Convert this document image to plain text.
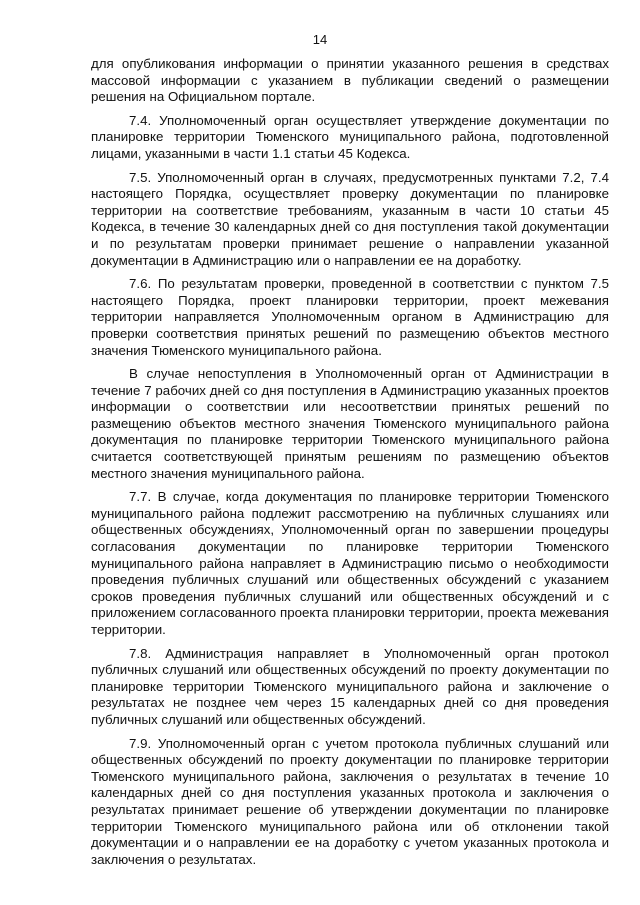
14

для опубликования информации о принятии указанного решения в средствах массовой информации с указанием в публикации сведений о размещении решения на Официальном портале.

7.4. Уполномоченный орган осуществляет утверждение документации по планировке территории Тюменского муниципального района, подготовленной лицами, указанными в части 1.1 статьи 45 Кодекса.

7.5. Уполномоченный орган в случаях, предусмотренных пунктами 7.2, 7.4 настоящего Порядка, осуществляет проверку документации по планировке территории на соответствие требованиям, указанным в части 10 статьи 45 Кодекса, в течение 30 календарных дней со дня поступления такой документации и по результатам проверки принимает решение о направлении указанной документации в Администрацию или о направлении ее на доработку.

7.6. По результатам проверки, проведенной в соответствии с пунктом 7.5 настоящего Порядка, проект планировки территории, проект межевания территории направляется Уполномоченным органом в Администрацию для проверки соответствия принятых решений по размещению объектов местного значения Тюменского муниципального района.

В случае непоступления в Уполномоченный орган от Администрации в течение 7 рабочих дней со дня поступления в Администрацию указанных проектов информации о соответствии или несоответствии принятых решений по размещению объектов местного значения Тюменского муниципального района документация по планировке территории Тюменского муниципального района считается соответствующей принятым решениям по размещению объектов местного значения муниципального района.

7.7. В случае, когда документация по планировке территории Тюменского муниципального района подлежит рассмотрению на публичных слушаниях или общественных обсуждениях, Уполномоченный орган по завершении процедуры согласования документации по планировке территории Тюменского муниципального района направляет в Администрацию письмо о необходимости проведения публичных слушаний или общественных обсуждений с указанием сроков проведения публичных слушаний или общественных обсуждений и с приложением согласованного проекта планировки территории, проекта межевания территории.

7.8. Администрация направляет в Уполномоченный орган протокол публичных слушаний или общественных обсуждений по проекту документации по планировке территории Тюменского муниципального района и заключение о результатах не позднее чем через 15 календарных дней со дня проведения публичных слушаний или общественных обсуждений.

7.9. Уполномоченный орган с учетом протокола публичных слушаний или общественных обсуждений по проекту документации по планировке территории Тюменского муниципального района, заключения о результатах в течение 10 календарных дней со дня поступления указанных протокола и заключения о результатах принимает решение об утверждении документации по планировке территории Тюменского муниципального района или об отклонении такой документации и о направлении ее на доработку с учетом указанных протокола и заключения о результатах.
